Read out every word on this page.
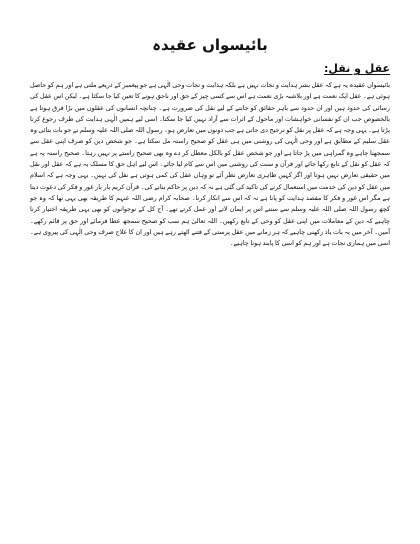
بائیسواں عقیدہ
عقل و نقل:

بائیسواں عقیدہ یہ ہے کہ عقل بشر ہدایت و نجات نہیں ہے بلکہ ہدایت و نجات وحی الٰہی ہے جو پیغمبر کے ذریعے ملتی ہے اور ہم کو حاصل ہوئی ہے۔ عقل ایک نعمت ہے اور بلاشبہ بڑی نعمت ہے اس سے کسی چیز کے حق اور ناحق ہونے کا تعین کیا جا سکتا ہے۔ لیکن اس عقل کی رسائی کی حدود ہیں اور ان حدود سے باہر حقائق کو جاننے کے لیے نقل کی ضرورت ہے۔ چنانچہ انسانوں کی عقلوں میں بڑا فرق ہوتا ہے بالخصوص جب ان کو نفسانی خواہشات اور ماحول کے اثرات سے آزاد نہیں کیا جا سکتا۔ اسی لیے ہمیں الٰہی ہدایت کی طرف رجوع کرنا پڑتا ہے۔ یہی وجہ ہے کہ عقل پر نقل کو ترجیح دی جاتی ہے جب دونوں میں تعارض ہو۔ رسول اللہ صلی اللہ علیہ وسلم نے جو بات بتائی وہ عقل سلیم کے مطابق ہے اور وحی الٰہی کی روشنی میں ہی عقل کو صحیح راستہ مل سکتا ہے۔ جو شخص دین کو صرف اپنی عقل سے سمجھنا چاہے وہ گمراہی میں پڑ جاتا ہے اور جو شخص عقل کو بالکل معطل کر دے وہ بھی صحیح راستے پر نہیں رہتا۔ صحیح راستہ یہ ہے کہ عقل کو نقل کے تابع رکھا جائے اور قرآن و سنت کی روشنی میں اس سے کام لیا جائے۔ اس لیے اہل حق کا مسلک یہ ہے کہ عقل اور نقل میں حقیقی تعارض نہیں ہوتا اور اگر کہیں ظاہری تعارض نظر آئے تو وہاں عقل کی کمی ہوتی ہے نقل کی نہیں۔ یہی وجہ ہے کہ اسلام میں عقل کو دین کی خدمت میں استعمال کرنے کی تاکید کی گئی ہے نہ کہ دین پر حاکم بنانے کی۔ قرآن کریم بار بار غور و فکر کی دعوت دیتا ہے مگر اس غور و فکر کا مقصد ہدایت کو پانا ہے نہ کہ اس سے انکار کرنا۔ صحابہ کرام رضی اللہ عنہم کا طریقہ بھی یہی تھا کہ وہ جو کچھ رسول اللہ صلی اللہ علیہ وسلم سے سنتے اس پر ایمان لاتے اور عمل کرتے تھے۔ آج کل کے نوجوانوں کو بھی یہی طریقہ اختیار کرنا چاہیے کہ دین کے معاملات میں اپنی عقل کو وحی کے تابع رکھیں۔ اللہ تعالیٰ ہم سب کو صحیح سمجھ عطا فرمائے اور حق پر قائم رکھے۔ آمین۔ آخر میں یہ بات یاد رکھنی چاہیے کہ ہر زمانے میں عقل پرستی کے فتنے اٹھتے رہے ہیں اور ان کا علاج صرف وحی الٰہی کی پیروی ہے۔ اسی میں ہماری نجات ہے اور ہم کو اسی کا پابند ہونا چاہیے۔
